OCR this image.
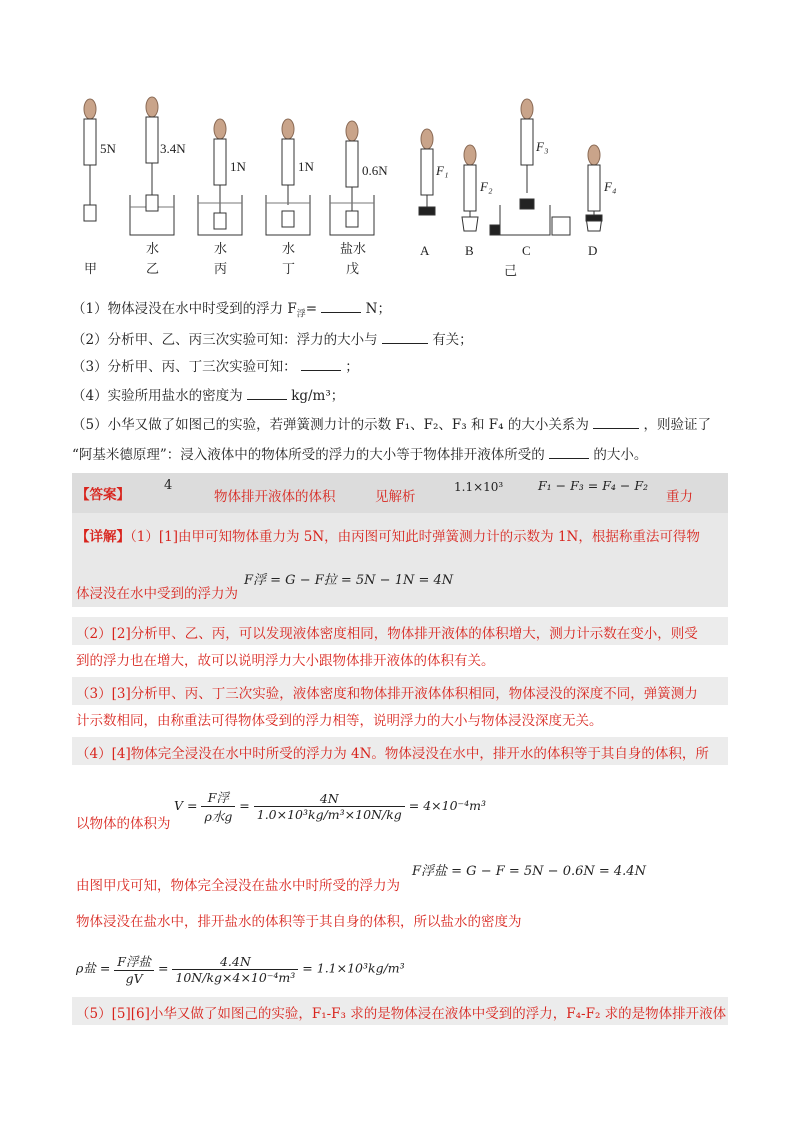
5N	3.4N
1N	1N	0.6N
水	水	水	盐水
甲	乙	丙	丁	戊
F₁
F₂
F₃
F₄
A	B	C	D
己
（1）物体浸没在水中时受到的浮力 $F_浮=$	N；
（2）分析甲、乙、丙三次实验可知：浮力的大小与	有关；
（3）分析甲、丙、丁三次实验可知：	；
（4）实验所用盐水的密度为	kg/m³；
（5）小华又做了如图己的实验，若弹簧测力计的示数 F₁、F₂、F₃ 和 F₄ 的大小关系为	，则验证了
“阿基米德原理”：浸入液体中的物体所受的浮力的大小等于物体排开液体所受的	的大小。
【答案】
4
物体排开液体的体积	见解析
1.1×10³	F₁ − F₃ = F₄ − F₂
重力
【详解】（1）[1]由甲可知物体重力为 5N，由丙图可知此时弹簧测力计的示数为 1N，根据称重法可得物
体浸没在水中受到的浮力为
F浮 = G − F拉 = 5N − 1N = 4N
（2）[2]分析甲、乙、丙，可以发现液体密度相同，物体排开液体的体积增大，测力计示数在变小，则受
到的浮力也在增大，故可以说明浮力大小跟物体排开液体的体积有关。
（3）[3]分析甲、丙、丁三次实验，液体密度和物体排开液体体积相同，物体浸没的深度不同，弹簧测力
计示数相同，由称重法可得物体受到的浮力相等，说明浮力的大小与物体浸没深度无关。
（4）[4]物体完全浸没在水中时所受的浮力为 4N。物体浸没在水中，排开水的体积等于其自身的体积，所
以物体的体积为
$V = \frac{\text{F浮}}{\text{ρ水g}} = \frac{4N}{\text{1.0×10³kg/m³×10N/kg}} = 4\times 10^{-4}m^3$
由图甲戊可知，物体完全浸没在盐水中时所受的浮力为
F浮盐 = G − F = 5N − 0.6N = 4.4N
物体浸没在盐水中，排开盐水的体积等于其自身的体积，所以盐水的密度为
ρ盐 = $\frac{\text{F浮盐}}{gV} = \frac{4.4N}{\text{10N/kg×4×10⁻⁴m³}} = 1.1\times 10^3kg/m^3$
（5）[5][6]小华又做了如图己的实验，F₁-F₃ 求的是物体浸在液体中受到的浮力，F₄-F₂ 求的是物体排开液体
